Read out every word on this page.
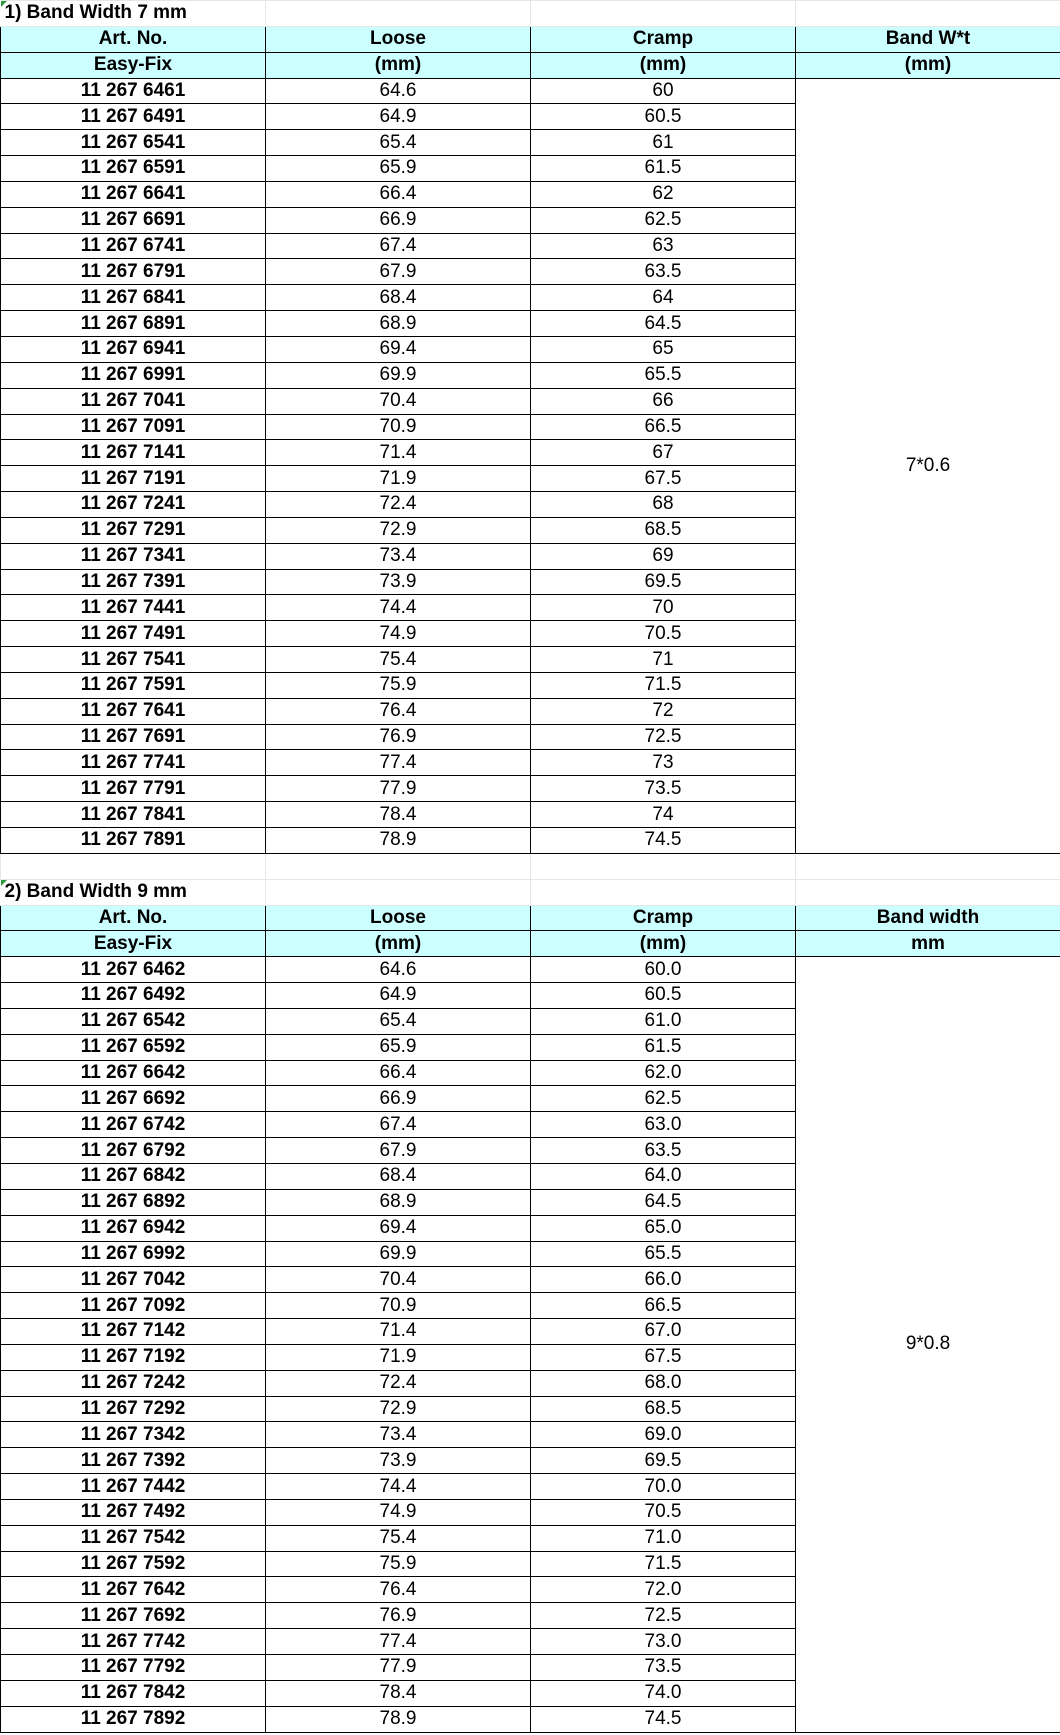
1) Band Width 7 mm			
Art. No.	Loose	Cramp	Band W*t
Easy-Fix	(mm)	(mm)	(mm)
11 267 6461	64.6	60	7*0.6
11 267 6491	64.9	60.5	
11 267 6541	65.4	61	
11 267 6591	65.9	61.5	
11 267 6641	66.4	62	
11 267 6691	66.9	62.5	
11 267 6741	67.4	63	
11 267 6791	67.9	63.5	
11 267 6841	68.4	64	
11 267 6891	68.9	64.5	
11 267 6941	69.4	65	
11 267 6991	69.9	65.5	
11 267 7041	70.4	66	
11 267 7091	70.9	66.5	
11 267 7141	71.4	67	
11 267 7191	71.9	67.5	
11 267 7241	72.4	68	
11 267 7291	72.9	68.5	
11 267 7341	73.4	69	
11 267 7391	73.9	69.5	
11 267 7441	74.4	70	
11 267 7491	74.9	70.5	
11 267 7541	75.4	71	
11 267 7591	75.9	71.5	
11 267 7641	76.4	72	
11 267 7691	76.9	72.5	
11 267 7741	77.4	73	
11 267 7791	77.9	73.5	
11 267 7841	78.4	74	
11 267 7891	78.9	74.5	

2) Band Width 9 mm			
Art. No.	Loose	Cramp	Band width
Easy-Fix	(mm)	(mm)	mm
11 267 6462	64.6	60.0	9*0.8
11 267 6492	64.9	60.5	
11 267 6542	65.4	61.0	
11 267 6592	65.9	61.5	
11 267 6642	66.4	62.0	
11 267 6692	66.9	62.5	
11 267 6742	67.4	63.0	
11 267 6792	67.9	63.5	
11 267 6842	68.4	64.0	
11 267 6892	68.9	64.5	
11 267 6942	69.4	65.0	
11 267 6992	69.9	65.5	
11 267 7042	70.4	66.0	
11 267 7092	70.9	66.5	
11 267 7142	71.4	67.0	
11 267 7192	71.9	67.5	
11 267 7242	72.4	68.0	
11 267 7292	72.9	68.5	
11 267 7342	73.4	69.0	
11 267 7392	73.9	69.5	
11 267 7442	74.4	70.0	
11 267 7492	74.9	70.5	
11 267 7542	75.4	71.0	
11 267 7592	75.9	71.5	
11 267 7642	76.4	72.0	
11 267 7692	76.9	72.5	
11 267 7742	77.4	73.0	
11 267 7792	77.9	73.5	
11 267 7842	78.4	74.0	
11 267 7892	78.9	74.5	
